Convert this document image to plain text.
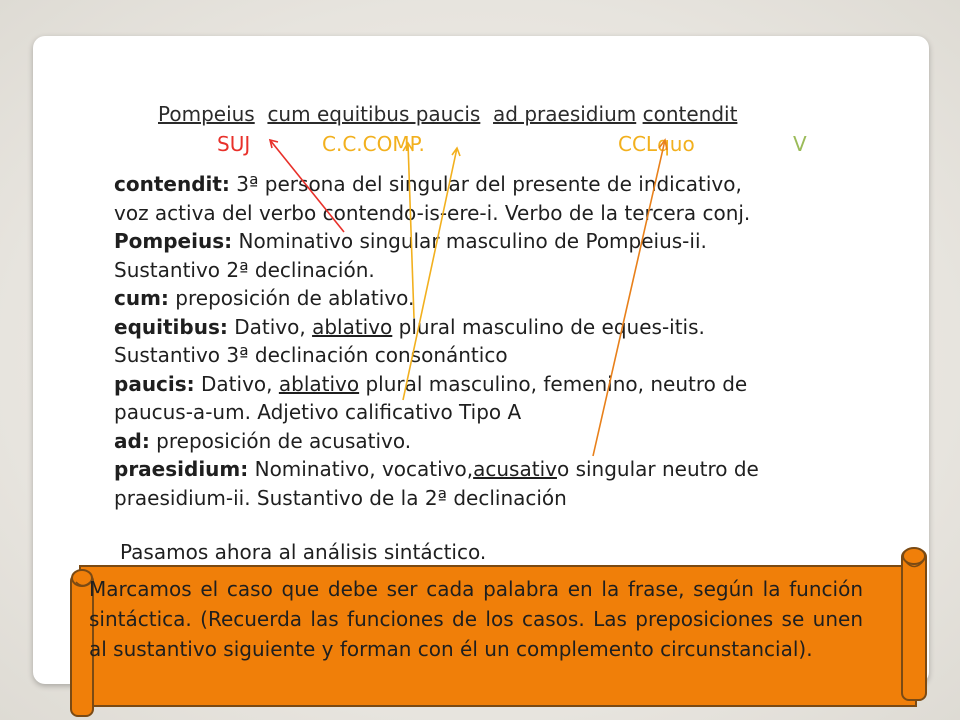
Pompeius cum equitibus paucis ad praesidium contendit
SUJ	C.C.COMP.	CCLquo	V

contendit: 3ª persona del singular del presente de indicativo,

voz activa del verbo contendo-is-ere-i. Verbo de la tercera conj.

Pompeius: Nominativo singular masculino de Pompeius-ii.

Sustantivo 2ª declinación.

cum: preposición de ablativo.

equitibus: Dativo, ablativo plural masculino de eques-itis.

Sustantivo 3ª declinación consonántico

paucis: Dativo, ablativo plural masculino, femenino, neutro de

paucus-a-um. Adjetivo calificativo Tipo A

ad: preposición de acusativo.

praesidium: Nominativo, vocativo,acusativo singular neutro de

praesidium-ii. Sustantivo de la 2ª declinación

Pasamos ahora al análisis sintáctico.
Marcamos el caso que debe ser cada palabra en la frase, según la función sintáctica. (Recuerda las funciones de los casos. Las preposiciones se unen al sustantivo siguiente y forman con él un complemento circunstancial).
